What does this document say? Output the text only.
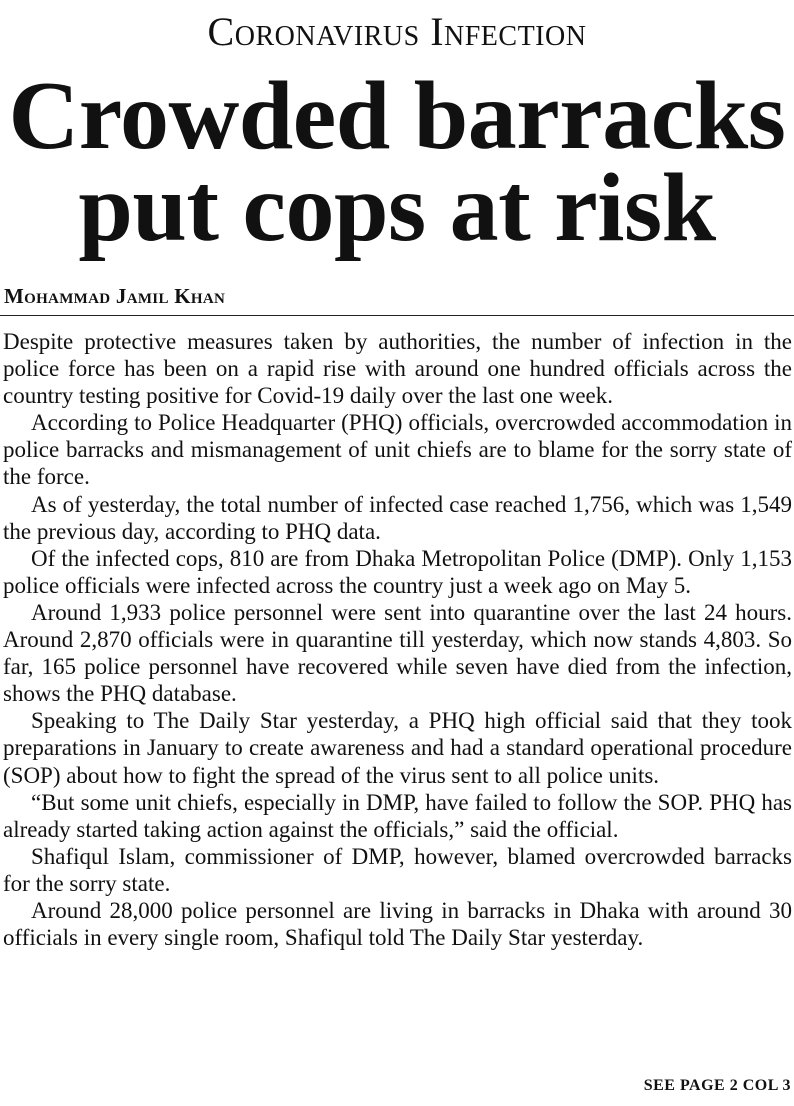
Coronavirus Infection
Crowded barracks
put cops at risk
Mohammad Jamil Khan

Despite protective measures taken by authorities, the number of infection in the police force has been on a rapid rise with around one hundred officials across the country testing positive for Covid-19 daily over the last one week.

According to Police Headquarter (PHQ) officials, overcrowded accommodation in police barracks and mismanagement of unit chiefs are to blame for the sorry state of the force.

As of yesterday, the total number of infected case reached 1,756, which was 1,549 the previous day, according to PHQ data.

Of the infected cops, 810 are from Dhaka Metropolitan Police (DMP). Only 1,153 police officials were infected across the country just a week ago on May 5.

Around 1,933 police personnel were sent into quarantine over the last 24 hours. Around 2,870 officials were in quarantine till yesterday, which now stands 4,803. So far, 165 police personnel have recovered while seven have died from the infection, shows the PHQ database.

Speaking to The Daily Star yesterday, a PHQ high official said that they took preparations in January to create awareness and had a standard operational procedure (SOP) about how to fight the spread of the virus sent to all police units.

“But some unit chiefs, especially in DMP, have failed to follow the SOP. PHQ has already started taking action against the officials,” said the official.

Shafiqul Islam, commissioner of DMP, however, blamed overcrowded barracks for the sorry state.

Around 28,000 police personnel are living in barracks in Dhaka with around 30 officials in every single room, Shafiqul told The Daily Star yesterday.

SEE PAGE 2 COL 3
